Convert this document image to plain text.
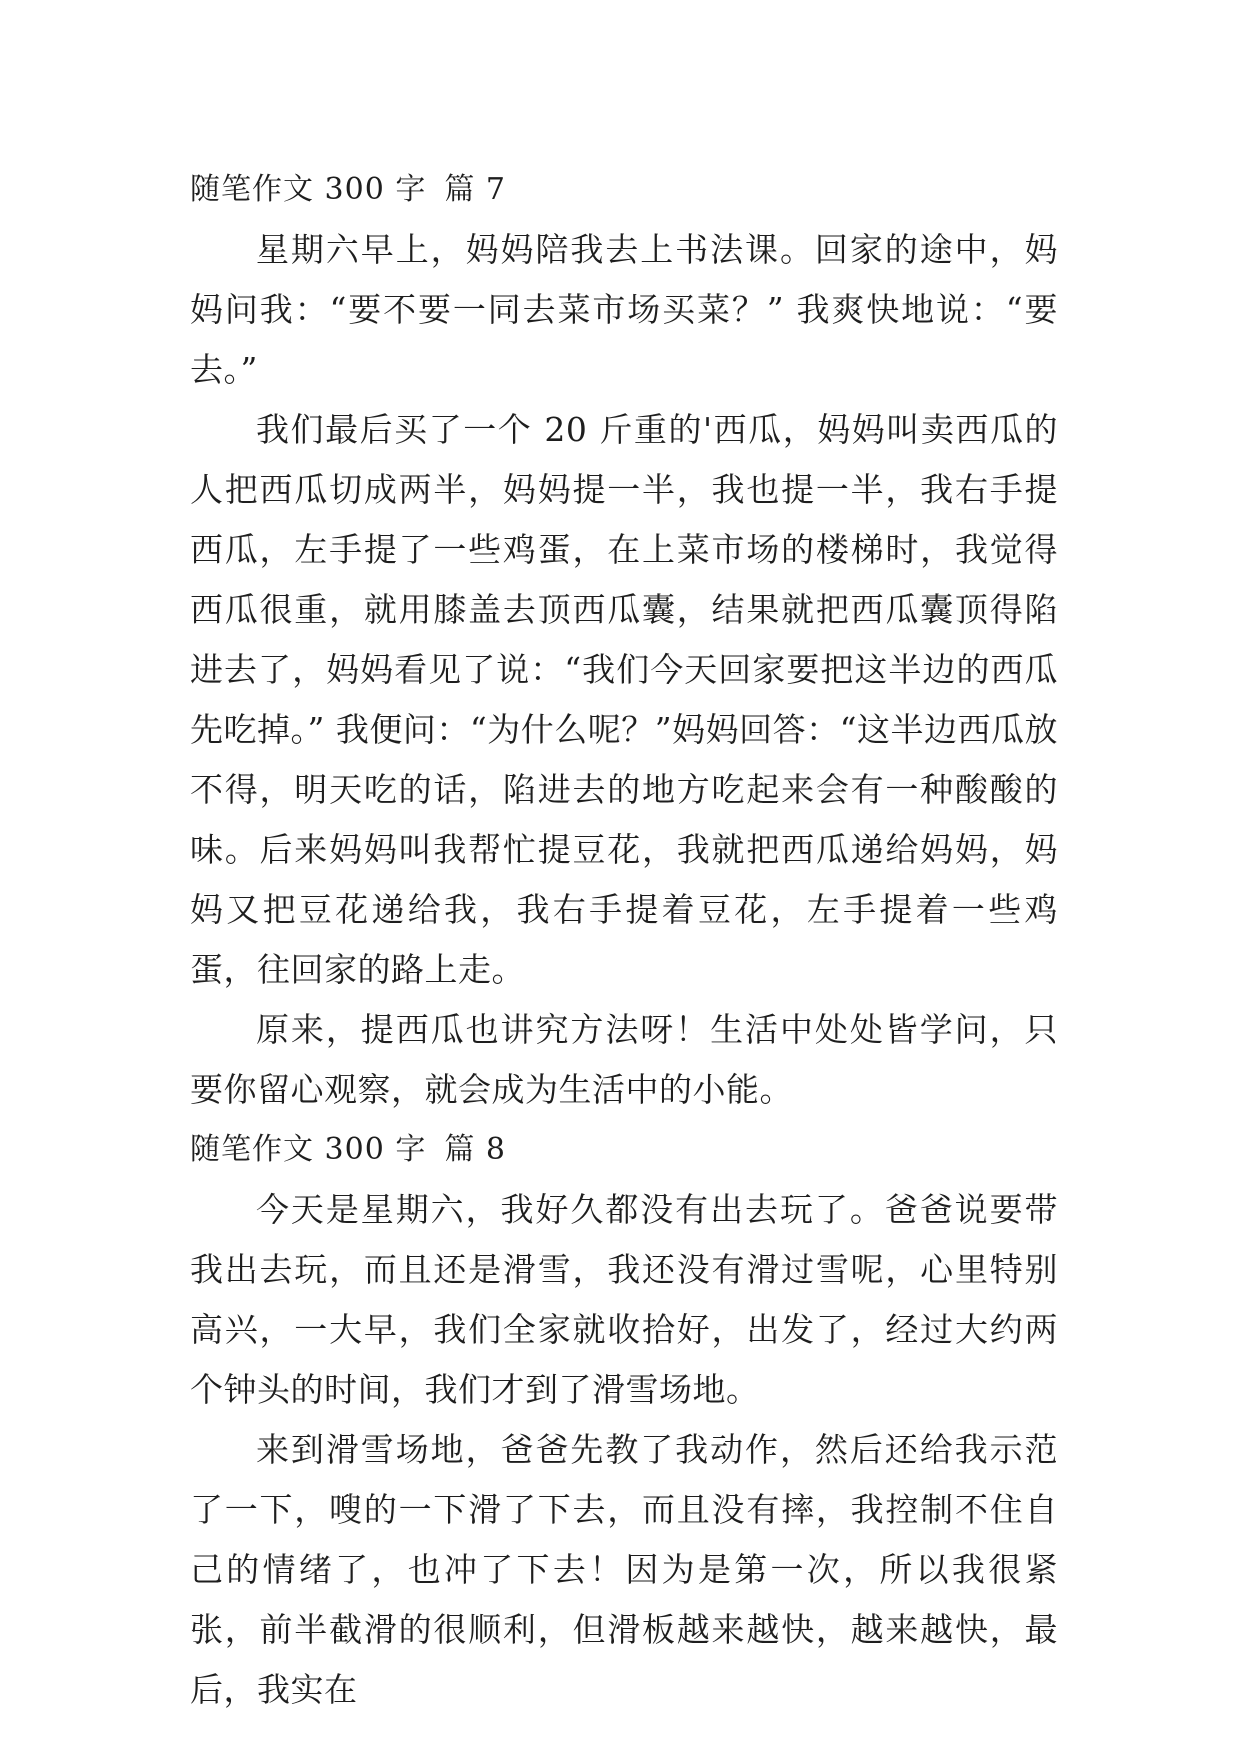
随笔作文 300 字 篇 7

星期六早上，妈妈陪我去上书法课。回家的途中，妈妈问我：“要不要一同去菜市场买菜？” 我爽快地说：“要去。”

我们最后买了一个 20 斤重的'西瓜，妈妈叫卖西瓜的人把西瓜切成两半，妈妈提一半，我也提一半，我右手提西瓜，左手提了一些鸡蛋，在上菜市场的楼梯时，我觉得西瓜很重，就用膝盖去顶西瓜囊，结果就把西瓜囊顶得陷进去了，妈妈看见了说：“我们今天回家要把这半边的西瓜先吃掉。” 我便问：“为什么呢？”妈妈回答：“这半边西瓜放不得，明天吃的话，陷进去的地方吃起来会有一种酸酸的味。后来妈妈叫我帮忙提豆花，我就把西瓜递给妈妈，妈妈又把豆花递给我，我右手提着豆花，左手提着一些鸡蛋，往回家的路上走。

原来，提西瓜也讲究方法呀！生活中处处皆学问，只要你留心观察，就会成为生活中的小能。

随笔作文 300 字 篇 8

今天是星期六，我好久都没有出去玩了。爸爸说要带我出去玩，而且还是滑雪，我还没有滑过雪呢，心里特别高兴，一大早，我们全家就收拾好，出发了，经过大约两个钟头的时间，我们才到了滑雪场地。

来到滑雪场地，爸爸先教了我动作，然后还给我示范了一下，嗖的一下滑了下去，而且没有摔，我控制不住自己的情绪了，也冲了下去！因为是第一次，所以我很紧张，前半截滑的很顺利，但滑板越来越快，越来越快，最后，我实在
